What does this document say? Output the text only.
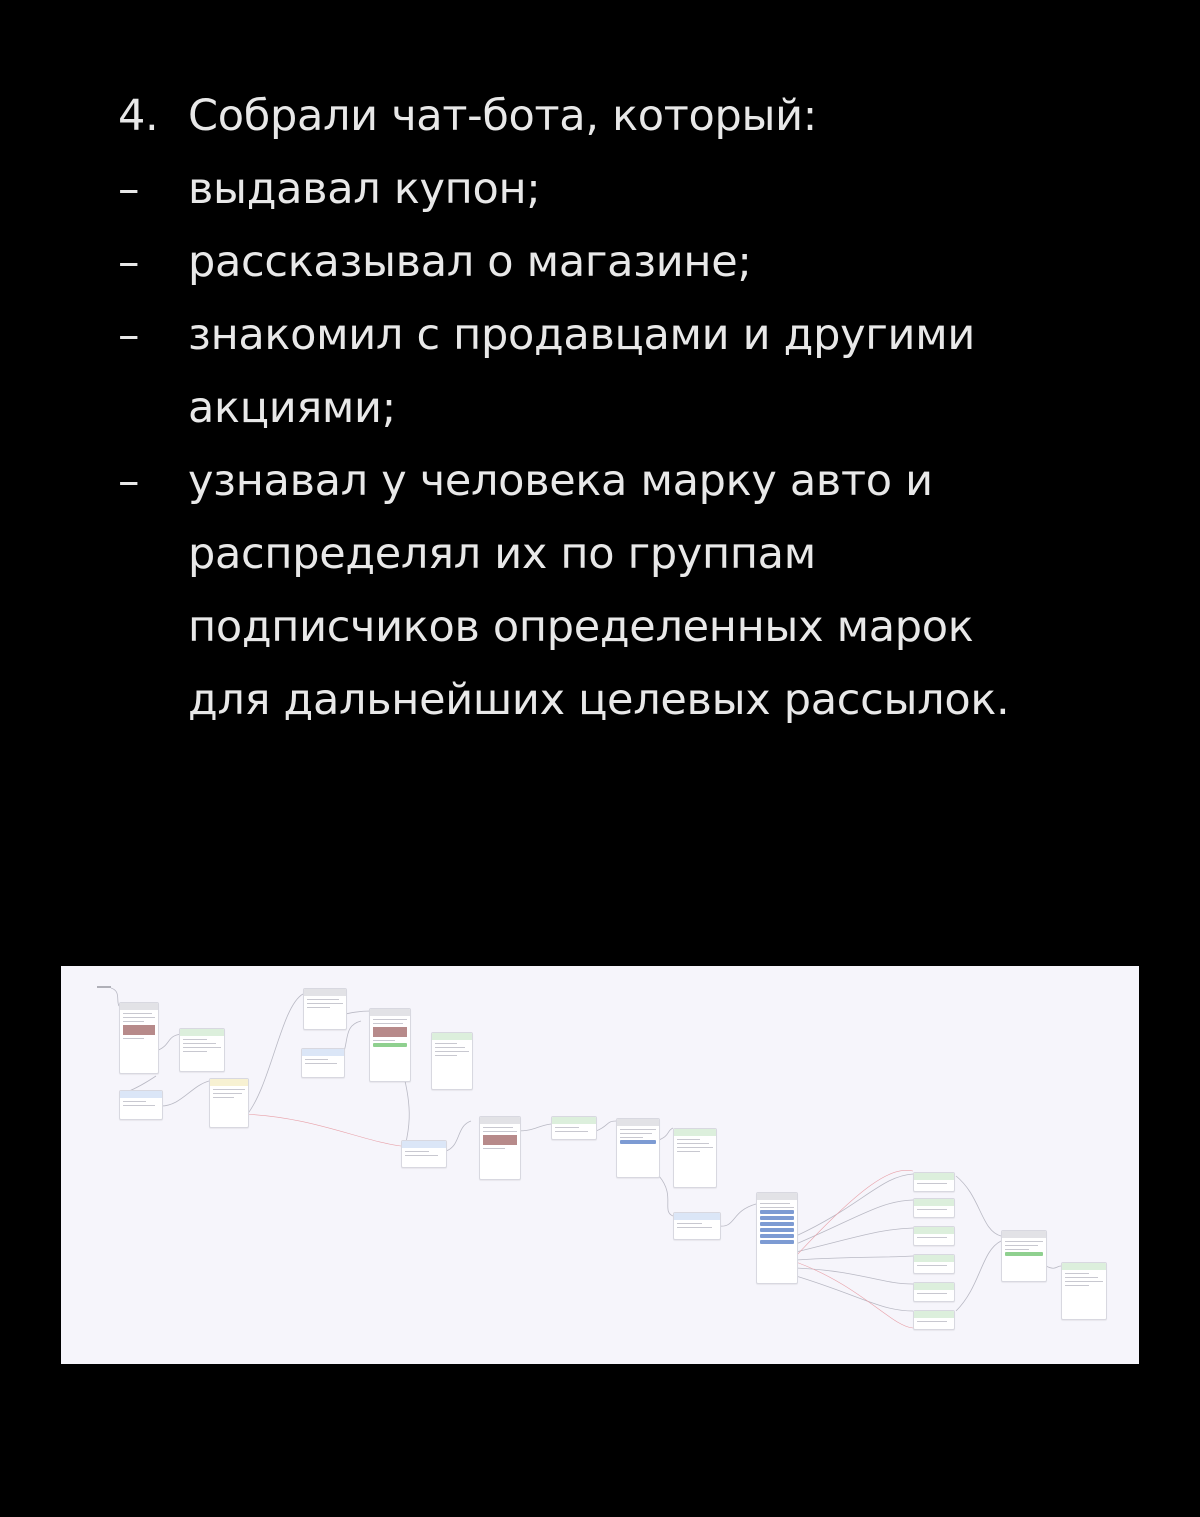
4. Собрали чат-бота, который:
–	выдавал купон;
–	рассказывал о магазине;
–	знакомил с продавцами и другими
акциями;
–	узнавал у человека марку авто и
распределял их по группам
подписчиков определенных марок
для дальнейших целевых рассылок.
